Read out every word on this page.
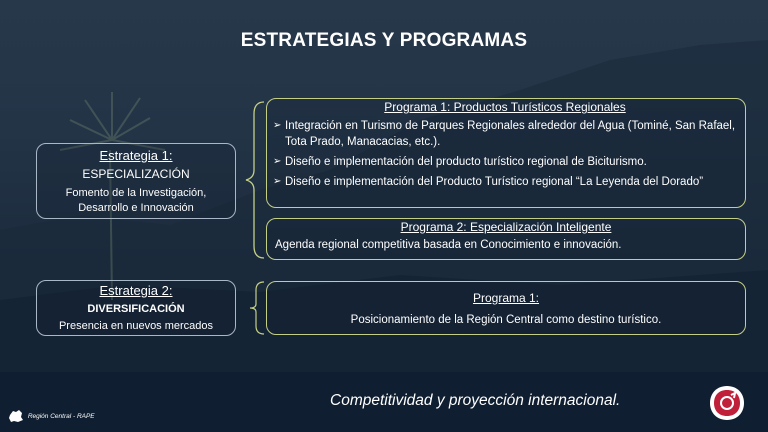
ESTRATEGIAS Y PROGRAMAS
Estrategia 1:
ESPECIALIZACIÓN
Fomento de la Investigación,
Desarrollo e Innovación
Estrategia 2:
DIVERSIFICACIÓN
Presencia en nuevos mercados
Programa 1: Productos Turísticos Regionales
➢ Integración en Turismo de Parques Regionales alrededor del Agua (Tominé, San Rafael, Tota Prado, Manacacias, etc.).
➢ Diseño e implementación del producto turístico regional de Biciturismo.
➢ Diseño e implementación del Producto Turístico regional “La Leyenda del Dorado”
Programa 2: Especialización Inteligente
Agenda regional competitiva basada en Conocimiento e innovación.
Programa 1:
Posicionamiento de la Región Central como destino turístico.
Competitividad y proyección internacional.
Región Central - RAPE
